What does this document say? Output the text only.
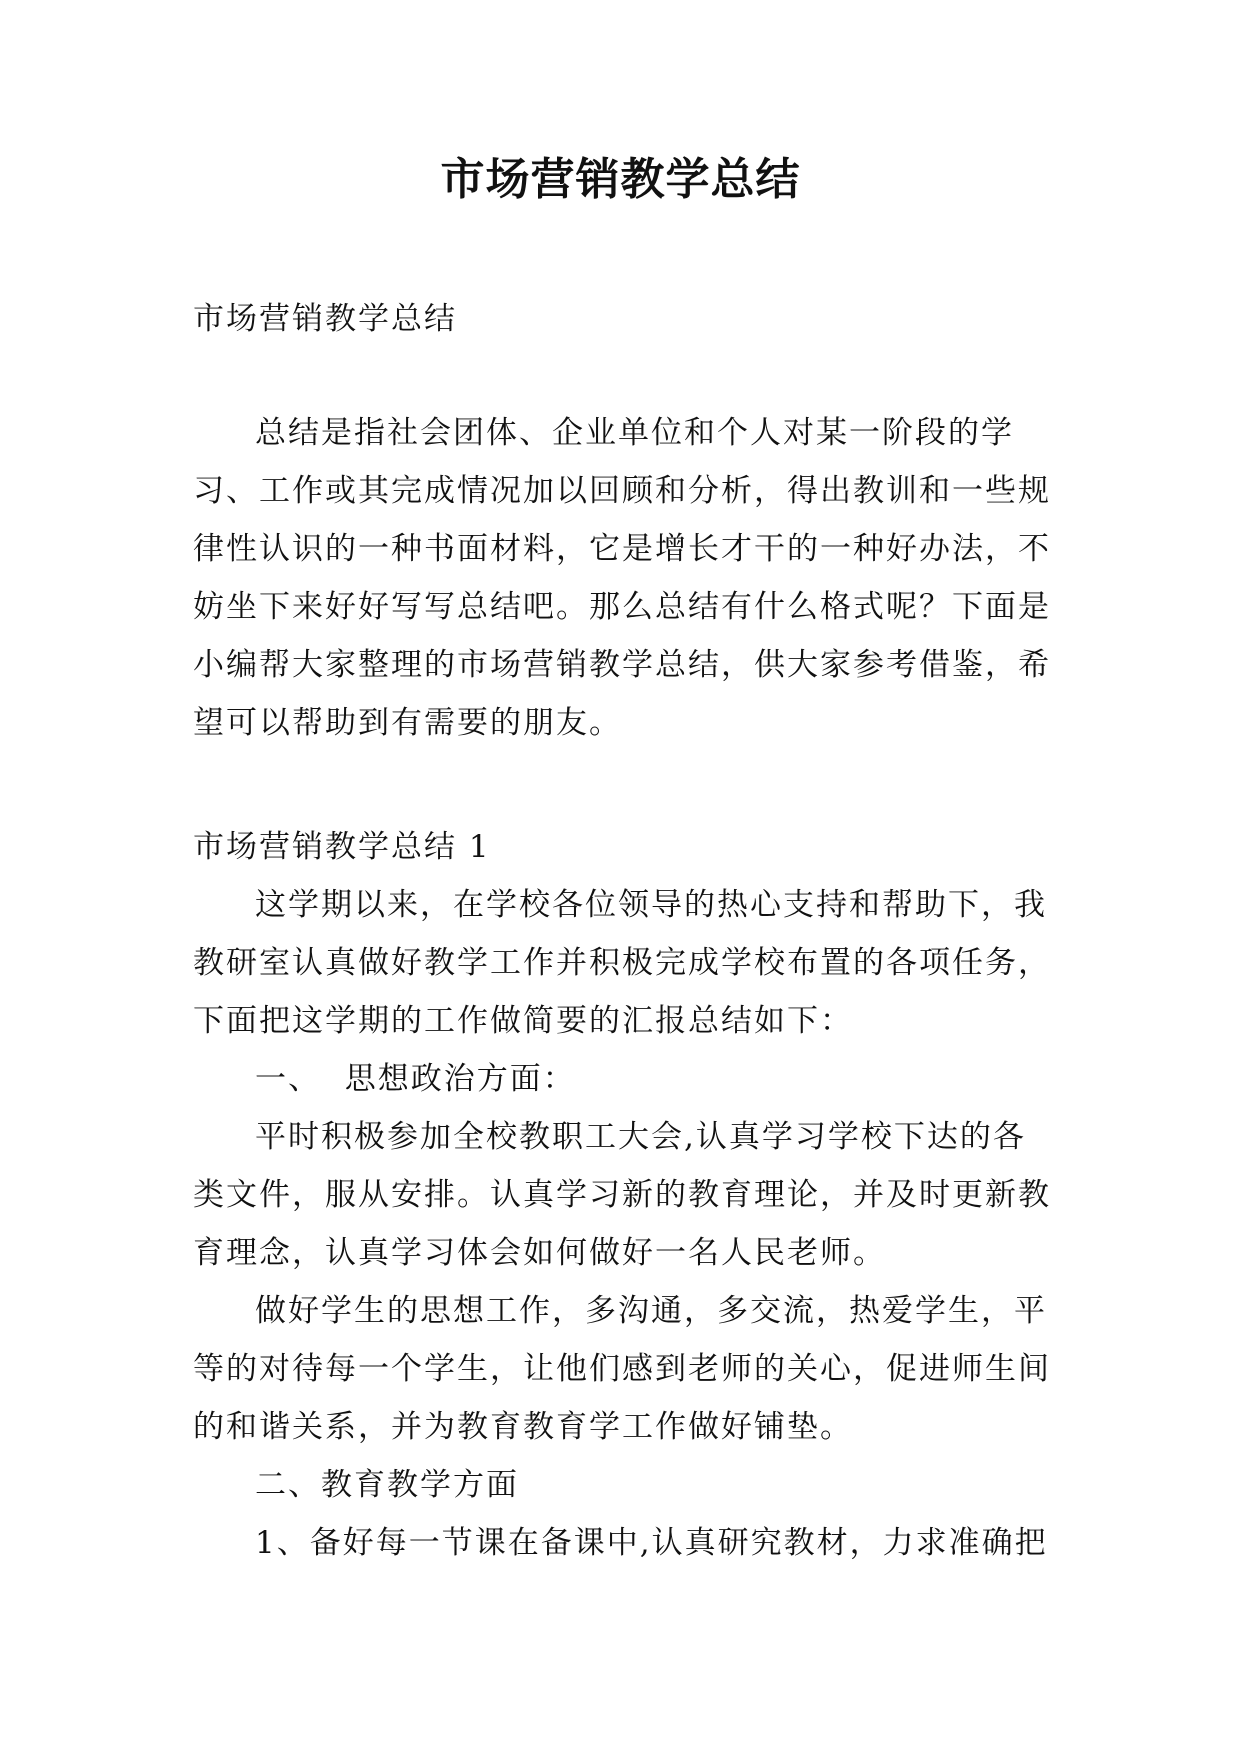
市场营销教学总结

市场营销教学总结

总结是指社会团体、企业单位和个人对某一阶段的学习、工作或其完成情况加以回顾和分析，得出教训和一些规律性认识的一种书面材料，它是增长才干的一种好办法，不妨坐下来好好写写总结吧。那么总结有什么格式呢？下面是小编帮大家整理的市场营销教学总结，供大家参考借鉴，希望可以帮助到有需要的朋友。

市场营销教学总结 1

这学期以来，在学校各位领导的热心支持和帮助下，我教研室认真做好教学工作并积极完成学校布置的各项任务，下面把这学期的工作做简要的汇报总结如下：

一、  思想政治方面：

平时积极参加全校教职工大会,认真学习学校下达的各类文件，服从安排。认真学习新的教育理论，并及时更新教育理念，认真学习体会如何做好一名人民老师。

做好学生的思想工作，多沟通，多交流，热爱学生，平等的对待每一个学生，让他们感到老师的关心，促进师生间的和谐关系，并为教育教育学工作做好铺垫。

二、教育教学方面

1、备好每一节课在备课中,认真研究教材，力求准确把
